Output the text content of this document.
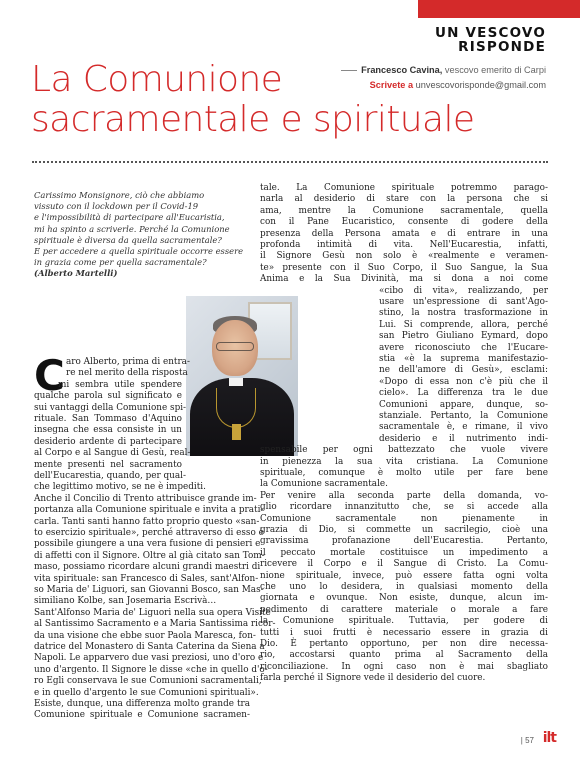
UN VESCOVO
RISPONDE
Francesco Cavina, vescovo emerito di Carpi
Scrivete a unvescovorisponde@gmail.com
La Comunione
sacramentale e spirituale
Carissimo Monsignore, ciò che abbiamo
vissuto con il lockdown per il Covid-19
e l'impossibilità di partecipare all'Eucaristia,
mi ha spinto a scriverle. Perché la Comunione
spirituale è diversa da quella sacramentale?
E per accedere a quella spirituale occorre essere
in grazia come per quella sacramentale?
(Alberto Martelli)
C aro Alberto, prima di entra-
re nel merito della risposta
mi sembra utile spendere
qualche parola sul significato e
sui vantaggi della Comunione spi-
rituale. San Tommaso d'Aquino
insegna che essa consiste in un
desiderio ardente di partecipare
al Corpo e al Sangue di Gesù, real-
mente presenti nel sacramento
dell'Eucarestia, quando, per qual-
che legittimo motivo, se ne è impediti.
Anche il Concilio di Trento attribuisce grande im-
portanza alla Comunione spirituale e invita a prati-
carla. Tanti santi hanno fatto proprio questo «san-
to esercizio spirituale», perché attraverso di esso è
possibile giungere a una vera fusione di pensieri e
di affetti con il Signore. Oltre al già citato san Tom-
maso, possiamo ricordare alcuni grandi maestri di
vita spirituale: san Francesco di Sales, sant'Alfon-
so Maria de' Liguori, san Giovanni Bosco, san Mas-
similiano Kolbe, san Josemaria Escrivà…
Sant'Alfonso Maria de' Liguori nella sua opera Visite
al Santissimo Sacramento e a Maria Santissima ricor-
da una visione che ebbe suor Paola Maresca, fon-
datrice del Monastero di Santa Caterina da Siena a
Napoli. Le apparvero due vasi preziosi, uno d'oro e
uno d'argento. Il Signore le disse «che in quello d'o-
ro Egli conservava le sue Comunioni sacramentali,
e in quello d'argento le sue Comunioni spirituali».
Esiste, dunque, una differenza molto grande tra
Comunione spirituale e Comunione sacramen-
tale. La Comunione spirituale potremmo parago-
narla al desiderio di stare con la persona che si
ama, mentre la Comunione sacramentale, quella
con il Pane Eucaristico, consente di godere della
presenza della Persona amata e di entrare in una
profonda intimità di vita. Nell'Eucarestia, infatti,
il Signore Gesù non solo è «realmente e veramen-
te» presente con il Suo Corpo, il Suo Sangue, la Sua
Anima e la Sua Divinità, ma si dona a noi come
«cibo di vita», realizzando, per
usare un'espressione di sant'Ago-
stino, la nostra trasformazione in
Lui. Si comprende, allora, perché
san Pietro Giuliano Eymard, dopo
avere riconosciuto che l'Eucare-
stia «è la suprema manifestazio-
ne dell'amore di Gesù», esclami:
«Dopo di essa non c'è più che il
cielo». La differenza tra le due
Comunioni appare, dunque, so-
stanziale. Pertanto, la Comunione
sacramentale è, e rimane, il vivo
desiderio e il nutrimento indi-
spensabile per ogni battezzato che vuole vivere
in pienezza la sua vita cristiana. La Comunione
spirituale, comunque è molto utile per fare bene
la Comunione sacramentale.
Per venire alla seconda parte della domanda, vo-
glio ricordare innanzitutto che, se si accede alla
Comunione sacramentale non pienamente in
grazia di Dio, si commette un sacrilegio, cioè una
gravissima profanazione dell'Eucarestia. Pertanto,
il peccato mortale costituisce un impedimento a
ricevere il Corpo e il Sangue di Cristo. La Comu-
nione spirituale, invece, può essere fatta ogni volta
che uno lo desidera, in qualsiasi momento della
giornata e ovunque. Non esiste, dunque, alcun im-
pedimento di carattere materiale o morale a fare
la Comunione spirituale. Tuttavia, per godere di
tutti i suoi frutti è necessario essere in grazia di
Dio. È pertanto opportuno, per non dire necessa-
rio, accostarsi quanto prima al Sacramento della
riconciliazione. In ogni caso non è mai sbagliato
farla perché il Signore vede il desiderio del cuore.
| 57 ilt
